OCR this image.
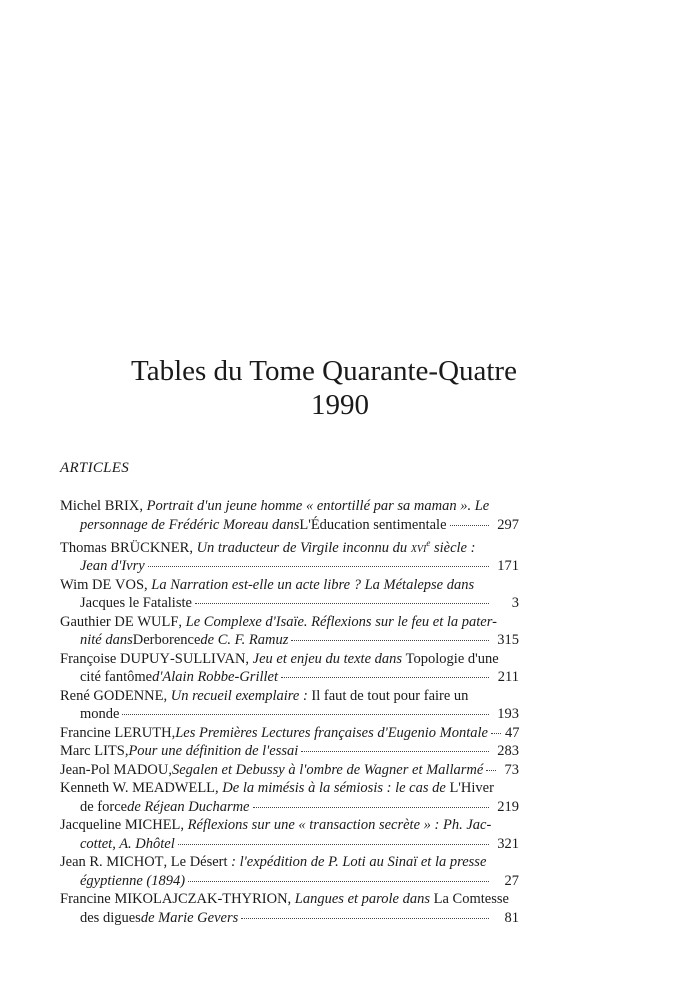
Tables du Tome Quarante-Quatre
1990
ARTICLES
Michel BRIX, Portrait d'un jeune homme « entortillé par sa maman ». Le
personnage de Frédéric Moreau dans L'Éducation sentimentale	297
Thomas BRÜCKNER, Un traducteur de Virgile inconnu du xvi$^e$ siècle :
Jean d'Ivry	171
Wim DE VOS, La Narration est-elle un acte libre ? La Métalepse dans
Jacques le Fataliste	3
Gauthier DE WULF, Le Complexe d'Isaïe. Réflexions sur le feu et la pater-
nité dans Derborence de C. F. Ramuz	315
Françoise DUPUY-SULLIVAN, Jeu et enjeu du texte dans Topologie d'une
cité fantôme d'Alain Robbe-Grillet	211
René GODENNE, Un recueil exemplaire : Il faut de tout pour faire un
monde	193
Francine LERUTH , Les Premières Lectures françaises d'Eugenio Montale 47
Marc LITS , Pour une définition de l'essai	283
Jean-Pol MADOU , Segalen et Debussy à l'ombre de Wagner et Mallarmé 73
Kenneth W. MEADWELL, De la mimésis à la sémiosis : le cas de L'Hiver
de force de Réjean Ducharme	219
Jacqueline MICHEL, Réflexions sur une « transaction secrète » : Ph. Jac-
cottet, A. Dhôtel	321
Jean R. MICHOT, Le Désert : l'expédition de P. Loti au Sinaï et la presse
égyptienne (1894)	27
Francine MIKOLAJCZAK-THYRION, Langues et parole dans La Comtesse
des digues de Marie Gevers	81
